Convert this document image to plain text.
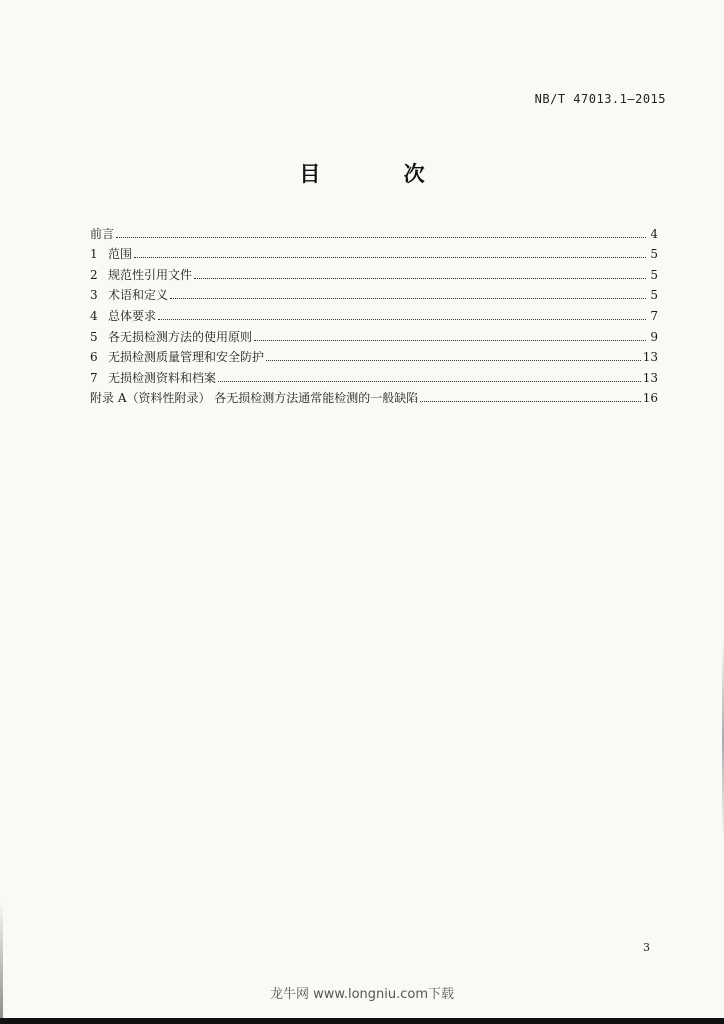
NB/T 47013.1—2015
目 次
前言	4
1 范围	5
2 规范性引用文件	5
3 术语和定义	5
4 总体要求	7
5 各无损检测方法的使用原则	9
6 无损检测质量管理和安全防护	13
7 无损检测资料和档案	13
附录 A（资料性附录） 各无损检测方法通常能检测的一般缺陷	16
3
龙牛网 www.longniu.com下载
